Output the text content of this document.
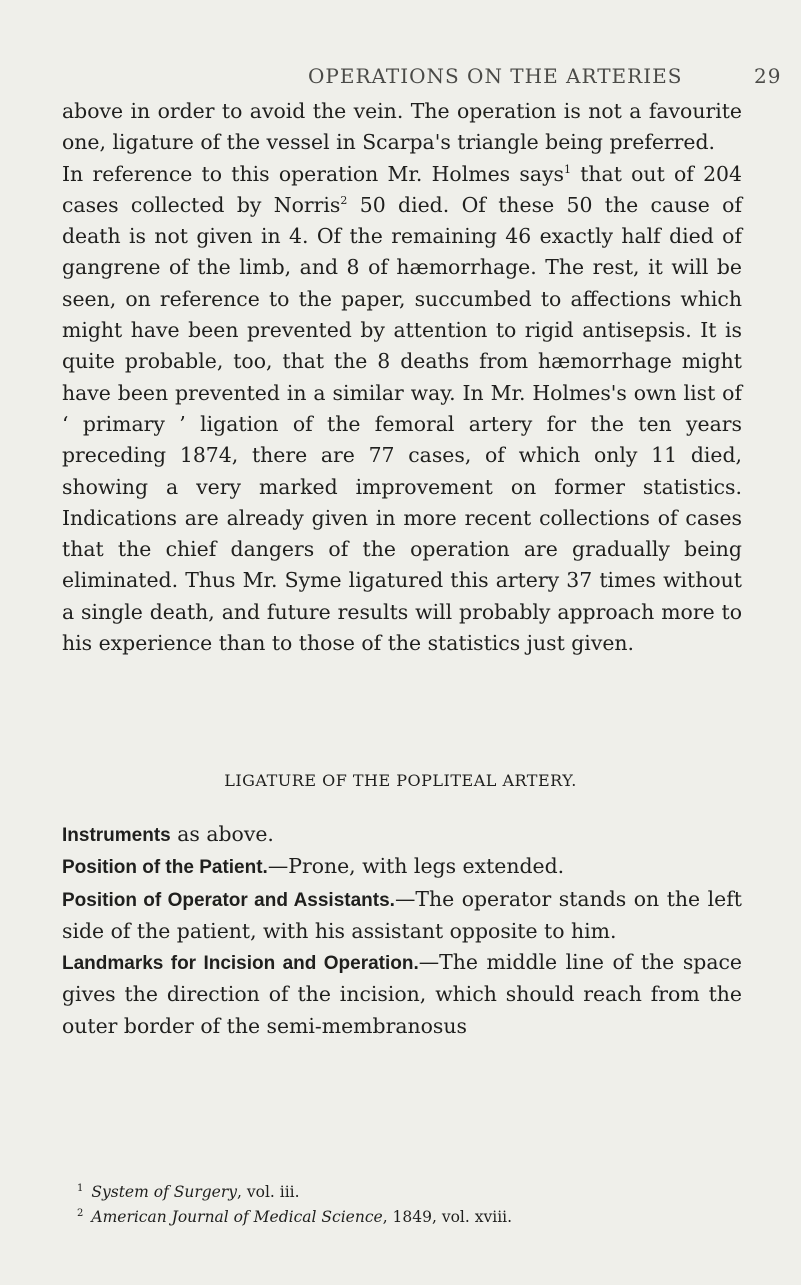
OPERATIONS ON THE ARTERIES	29

above in order to avoid the vein. The operation is not a favourite one, ligature of the vessel in Scarpa's triangle being preferred.

In reference to this operation Mr. Holmes says$^1$ that out of 204 cases collected by Norris$^2$ 50 died. Of these 50 the cause of death is not given in 4. Of the remaining 46 exactly half died of gangrene of the limb, and 8 of hæmorrhage. The rest, it will be seen, on reference to the paper, succumbed to affections which might have been prevented by attention to rigid antisepsis. It is quite probable, too, that the 8 deaths from hæmorrhage might have been prevented in a similar way. In Mr. Holmes's own list of ‘ primary ’ ligation of the femoral artery for the ten years preceding 1874, there are 77 cases, of which only 11 died, showing a very marked improvement on former statistics. Indications are already given in more recent collections of cases that the chief dangers of the operation are gradually being eliminated. Thus Mr. Syme ligatured this artery 37 times without a single death, and future results will probably approach more to his experience than to those of the statistics just given.

LIGATURE OF THE POPLITEAL ARTERY.

Instruments as above.

Position of the Patient.—Prone, with legs extended.

Position of Operator and Assistants.—The operator stands on the left side of the patient, with his assistant opposite to him.

Landmarks for Incision and Operation.—The middle line of the space gives the direction of the incision, which should reach from the outer border of the semi-membranosus

$^1$ System of Surgery, vol. iii.

$^2$ American Journal of Medical Science, 1849, vol. xviii.
